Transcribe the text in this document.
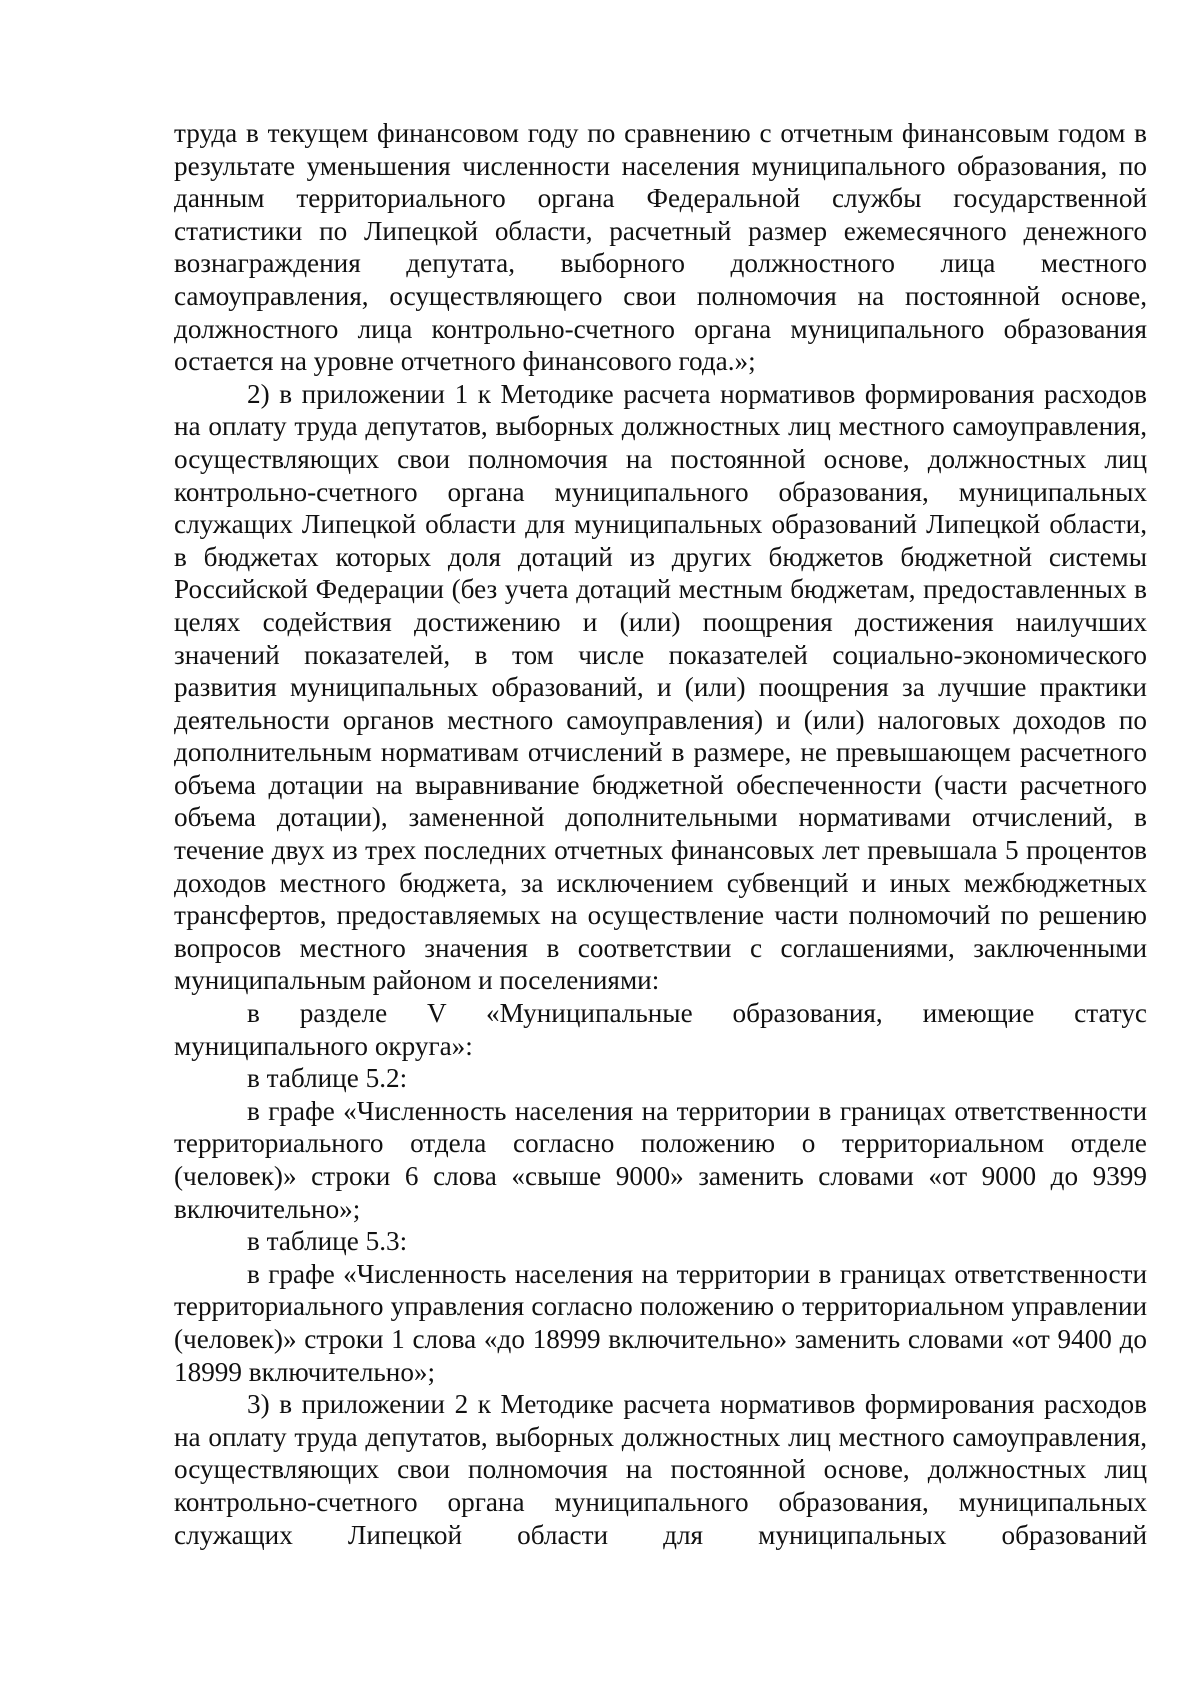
труда в текущем финансовом году по сравнению с отчетным финансовым годом в результате уменьшения численности населения муниципального образования, по данным территориального органа Федеральной службы государственной статистики по Липецкой области, расчетный размер ежемесячного денежного вознаграждения депутата, выборного должностного лица местного самоуправления, осуществляющего свои полномочия на постоянной основе, должностного лица контрольно-счетного органа муниципального образования остается на уровне отчетного финансового года.»;

2) в приложении 1 к Методике расчета нормативов формирования расходов на оплату труда депутатов, выборных должностных лиц местного самоуправления, осуществляющих свои полномочия на постоянной основе, должностных лиц контрольно-счетного органа муниципального образования, муниципальных служащих Липецкой области для муниципальных образований Липецкой области, в бюджетах которых доля дотаций из других бюджетов бюджетной системы Российской Федерации (без учета дотаций местным бюджетам, предоставленных в целях содействия достижению и (или) поощрения достижения наилучших значений показателей, в том числе показателей социально-экономического развития муниципальных образований, и (или) поощрения за лучшие практики деятельности органов местного самоуправления) и (или) налоговых доходов по дополнительным нормативам отчислений в размере, не превышающем расчетного объема дотации на выравнивание бюджетной обеспеченности (части расчетного объема дотации), замененной дополнительными нормативами отчислений, в течение двух из трех последних отчетных финансовых лет превышала 5 процентов доходов местного бюджета, за исключением субвенций и иных межбюджетных трансфертов, предоставляемых на осуществление части полномочий по решению вопросов местного значения в соответствии с соглашениями, заключенными муниципальным районом и поселениями:

в разделе V «Муниципальные образования, имеющие статус муниципального округа»:

в таблице 5.2:

в графе «Численность населения на территории в границах ответственности территориального отдела согласно положению о территориальном отделе (человек)» строки 6 слова «свыше 9000» заменить словами «от 9000 до 9399 включительно»;

в таблице 5.3:

в графе «Численность населения на территории в границах ответственности территориального управления согласно положению о территориальном управлении (человек)» строки 1 слова «до 18999 включительно» заменить словами «от 9400 до 18999 включительно»;

3) в приложении 2 к Методике расчета нормативов формирования расходов на оплату труда депутатов, выборных должностных лиц местного самоуправления, осуществляющих свои полномочия на постоянной основе, должностных лиц контрольно-счетного органа муниципального образования, муниципальных служащих Липецкой области для муниципальных образований
